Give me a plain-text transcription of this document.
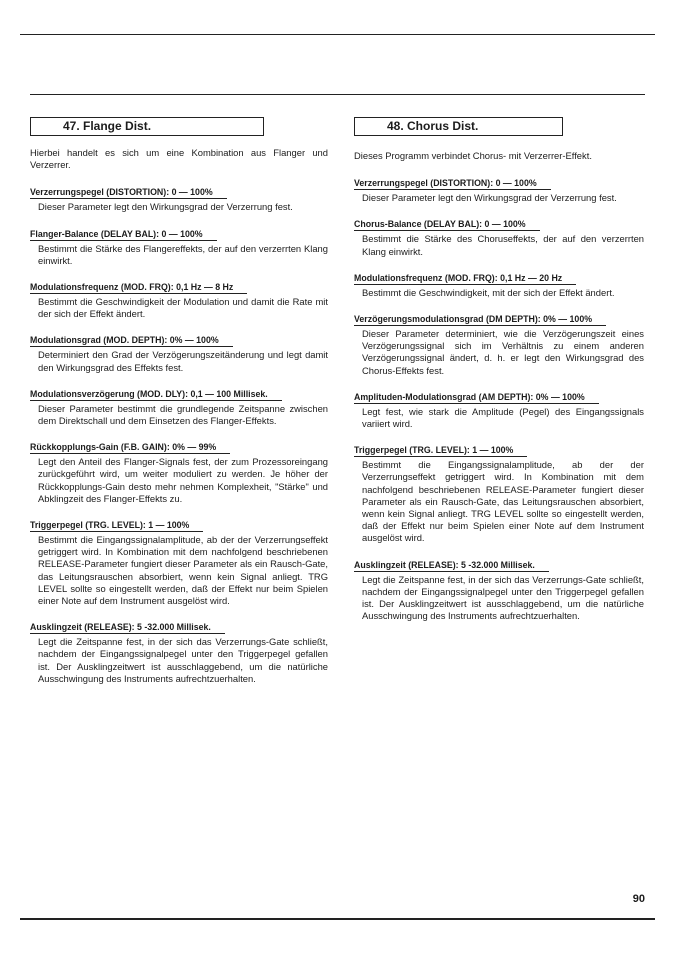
47. Flange Dist.

Hierbei handelt es sich um eine Kombination aus Flanger und Verzerrer.

Verzerrungspegel (DISTORTION): 0 — 100%

Dieser Parameter legt den Wirkungsgrad der Verzerrung fest.

Flanger-Balance (DELAY BAL): 0 — 100%

Bestimmt die Stärke des Flangereffekts, der auf den verzerrten Klang einwirkt.

Modulationsfrequenz (MOD. FRQ): 0,1 Hz — 8 Hz

Bestimmt die Geschwindigkeit der Modulation und damit die Rate mit der sich der Effekt ändert.

Modulationsgrad (MOD. DEPTH): 0% — 100%

Determiniert den Grad der Verzögerungszeitänderung und legt damit den Wirkungsgrad des Effekts fest.

Modulationsverzögerung (MOD. DLY): 0,1 — 100 Millisek.

Dieser Parameter bestimmt die grundlegende Zeitspanne zwischen dem Direktschall und dem Einsetzen des Flanger-Effekts.

Rückkopplungs-Gain (F.B. GAIN): 0% — 99%

Legt den Anteil des Flanger-Signals fest, der zum Prozessoreingang zurückgeführt wird, um weiter moduliert zu werden. Je höher der Rückkopplungs-Gain desto mehr nehmen Komplexheit, "Stärke" und Abklingzeit des Flanger-Effekts zu.

Triggerpegel (TRG. LEVEL): 1 — 100%

Bestimmt die Eingangssignalamplitude, ab der der Verzerrungseffekt getriggert wird. In Kombination mit dem nachfolgend beschriebenen RELEASE-Parameter fungiert dieser Parameter als ein Rausch-Gate, das Leitungsrauschen absorbiert, wenn kein Signal anliegt. TRG LEVEL sollte so eingestellt werden, daß der Effekt nur beim Spielen einer Note auf dem Instrument ausgelöst wird.

Ausklingzeit (RELEASE): 5 -32.000 Millisek.

Legt die Zeitspanne fest, in der sich das Verzerrungs-Gate schließt, nachdem der Eingangssignalpegel unter den Triggerpegel gefallen ist. Der Ausklingzeitwert ist ausschlaggebend, um die natürliche Ausschwingung des Instruments aufrechtzuerhalten.

48. Chorus Dist.

Dieses Programm verbindet Chorus- mit Verzerrer-Effekt.

Verzerrungspegel (DISTORTION): 0 — 100%

Dieser Parameter legt den Wirkungsgrad der Verzerrung fest.

Chorus-Balance (DELAY BAL): 0 — 100%

Bestimmt die Stärke des Choruseffekts, der auf den verzerrten Klang einwirkt.

Modulationsfrequenz (MOD. FRQ): 0,1 Hz — 20 Hz

Bestimmt die Geschwindigkeit, mit der sich der Effekt ändert.

Verzögerungsmodulationsgrad (DM DEPTH): 0% — 100%

Dieser Parameter determiniert, wie die Verzögerungszeit eines Verzögerungssignal sich im Verhältnis zu einem anderen Verzögerungssignal ändert, d. h. er legt den Wirkungsgrad des Chorus-Effekts fest.

Amplituden-Modulationsgrad (AM DEPTH): 0% — 100%

Legt fest, wie stark die Amplitude (Pegel) des Eingangssignals variiert wird.

Triggerpegel (TRG. LEVEL): 1 — 100%

Bestimmt die Eingangssignalamplitude, ab der der Verzerrungseffekt getriggert wird. In Kombination mit dem nachfolgend beschriebenen RELEASE-Parameter fungiert dieser Parameter als ein Rausch-Gate, das Leitungsrauschen absorbiert, wenn kein Signal anliegt. TRG LEVEL sollte so eingestellt werden, daß der Effekt nur beim Spielen einer Note auf dem Instrument ausgelöst wird.

Ausklingzeit (RELEASE): 5 -32.000 Millisek.

Legt die Zeitspanne fest, in der sich das Verzerrungs-Gate schließt, nachdem der Eingangssignalpegel unter den Triggerpegel gefallen ist. Der Ausklingzeitwert ist ausschlaggebend, um die natürliche Ausschwingung des Instruments aufrechtzuerhalten.

90
